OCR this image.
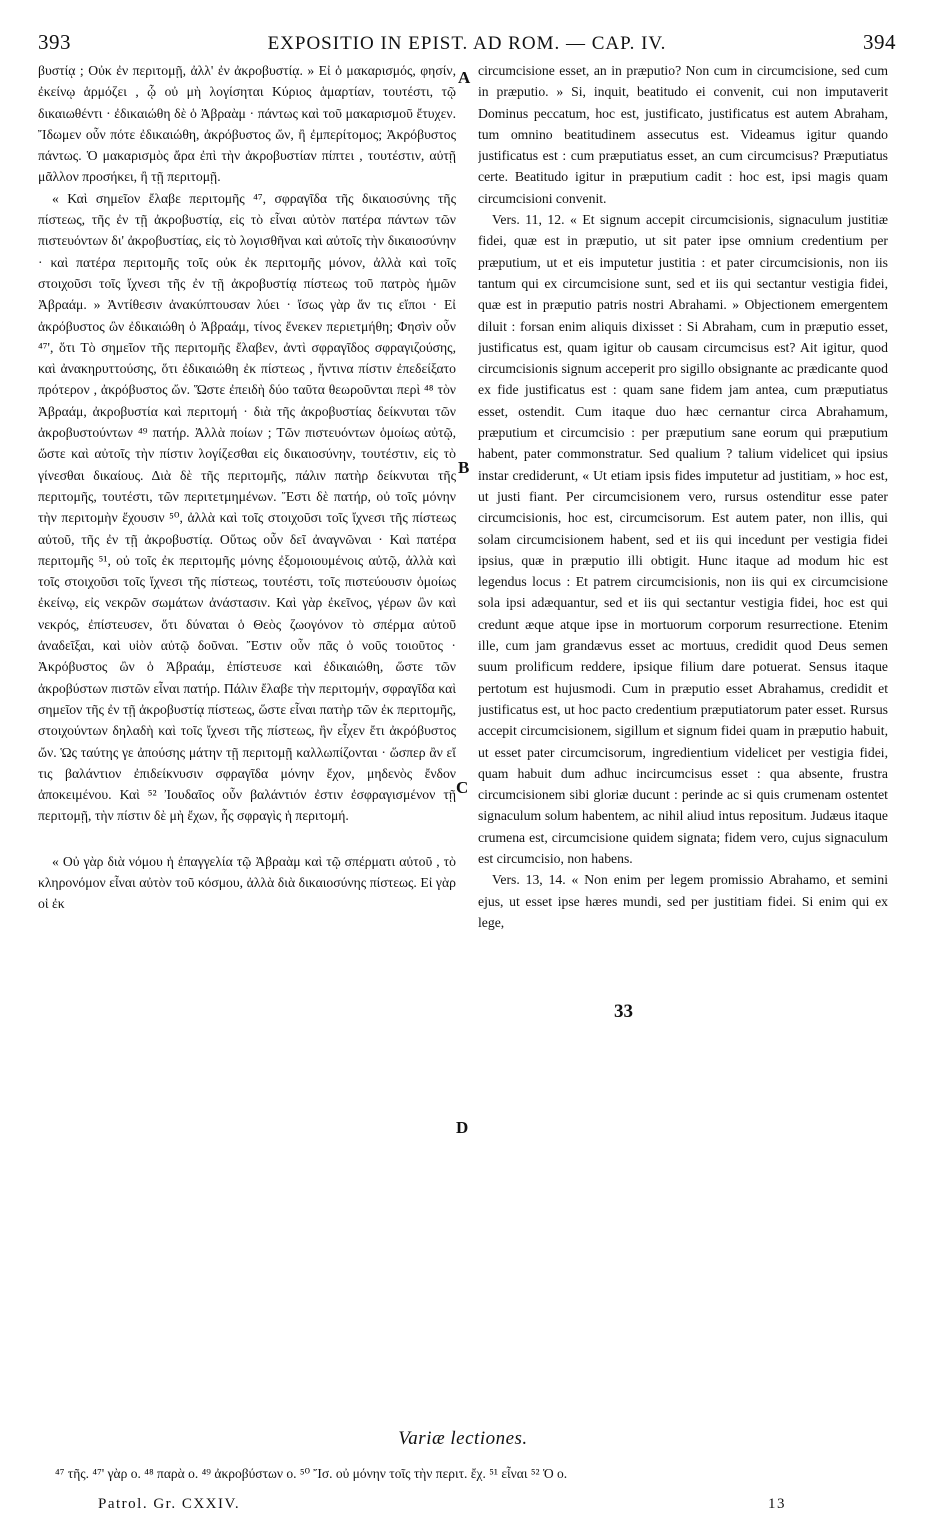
393	EXPOSITIO IN EPIST. AD ROM. — CAP. IV.	394

βυστίᾳ ; Οὐκ ἐν περιτομῇ, ἀλλ' ἐν ἀκροβυστίᾳ. » Εἰ ὁ μακαρισμός, φησίν, ἐκείνῳ ἁρμόζει , ᾧ οὐ μὴ λογίσηται Κύριος ἁμαρτίαν, τουτέστι, τῷ δικαιωθέντι · ἐδικαιώθη δὲ ὁ Ἀβραὰμ · πάντως καὶ τοῦ μακαρισμοῦ ἔτυχεν. Ἴδωμεν οὖν πότε ἐδικαιώθη, ἀκρόβυστος ὤν, ἢ ἐμπερίτομος; Ἀκρόβυστος πάντως. Ὁ μακαρισμὸς ἄρα ἐπὶ τὴν ἀκροβυστίαν πίπτει , τουτέστιν, αὐτῇ μᾶλλον προσήκει, ἢ τῇ περιτομῇ.

« Καὶ σημεῖον ἔλαβε περιτομῆς ⁴⁷, σφραγῖδα τῆς δικαιοσύνης τῆς πίστεως, τῆς ἐν τῇ ἀκροβυστίᾳ, εἰς τὸ εἶναι αὐτὸν πατέρα πάντων τῶν πιστευόντων δι' ἀκροβυστίας, εἰς τὸ λογισθῆναι καὶ αὐτοῖς τὴν δικαιοσύνην · καὶ πατέρα περιτομῆς τοῖς οὐκ ἐκ περιτομῆς μόνον, ἀλλὰ καὶ τοῖς στοιχοῦσι τοῖς ἴχνεσι τῆς ἐν τῇ ἀκροβυστίᾳ πίστεως τοῦ πατρὸς ἡμῶν Ἀβραάμ. » Ἀντίθεσιν ἀνακύπτουσαν λύει · ἴσως γὰρ ἄν τις εἴποι · Εἰ ἀκρόβυστος ὢν ἐδικαιώθη ὁ Ἀβραάμ, τίνος ἕνεκεν περιετμήθη; Φησὶν οὖν ⁴⁷', ὅτι Τὸ σημεῖον τῆς περιτομῆς ἔλαβεν, ἀντὶ σφραγῖδος σφραγιζούσης, καὶ ἀνακηρυττούσης, ὅτι ἐδικαιώθη ἐκ πίστεως , ἥντινα πίστιν ἐπεδείξατο πρότερον , ἀκρόβυστος ὤν. Ὥστε ἐπειδὴ δύο ταῦτα θεωροῦνται περὶ ⁴⁸ τὸν Ἀβραάμ, ἀκροβυστία καὶ περιτομή · διὰ τῆς ἀκροβυστίας δείκνυται τῶν ἀκροβυστούντων ⁴⁹ πατήρ. Ἀλλὰ ποίων ; Τῶν πιστευόντων ὁμοίως αὐτῷ, ὥστε καὶ αὐτοῖς τὴν πίστιν λογίζεσθαι εἰς δικαιοσύνην, τουτέστιν, εἰς τὸ γίνεσθαι δικαίους. Διὰ δὲ τῆς περιτομῆς, πάλιν πατὴρ δείκνυται τῆς περιτομῆς, τουτέστι, τῶν περιτετμημένων. Ἔστι δὲ πατήρ, οὐ τοῖς μόνην τὴν περιτομὴν ἔχουσιν ⁵⁰, ἀλλὰ καὶ τοῖς στοιχοῦσι τοῖς ἴχνεσι τῆς πίστεως αὐτοῦ, τῆς ἐν τῇ ἀκροβυστίᾳ. Οὕτως οὖν δεῖ ἀναγνῶναι · Καὶ πατέρα περιτομῆς ⁵¹, οὐ τοῖς ἐκ περιτομῆς μόνης ἐξομοιουμένοις αὐτῷ, ἀλλὰ καὶ τοῖς στοιχοῦσι τοῖς ἴχνεσι τῆς πίστεως, τουτέστι, τοῖς πιστεύουσιν ὁμοίως ἐκείνῳ, εἰς νεκρῶν σωμάτων ἀνάστασιν. Καὶ γὰρ ἐκεῖνος, γέρων ὢν καὶ νεκρός, ἐπίστευσεν, ὅτι δύναται ὁ Θεὸς ζωογόνον τὸ σπέρμα αὐτοῦ ἀναδεῖξαι, καὶ υἱὸν αὐτῷ δοῦναι. Ἔστιν οὖν πᾶς ὁ νοῦς τοιοῦτος · Ἀκρόβυστος ὢν ὁ Ἀβραάμ, ἐπίστευσε καὶ ἐδικαιώθη, ὥστε τῶν ἀκροβύστων πιστῶν εἶναι πατήρ. Πάλιν ἔλαβε τὴν περιτομήν, σφραγῖδα καὶ σημεῖον τῆς ἐν τῇ ἀκροβυστίᾳ πίστεως, ὥστε εἶναι πατὴρ τῶν ἐκ περιτομῆς, στοιχούντων δηλαδὴ καὶ τοῖς ἴχνεσι τῆς πίστεως, ἣν εἶχεν ἔτι ἀκρόβυστος ὤν. Ὡς ταύτης γε ἀπούσης μάτην τῇ περιτομῇ καλλωπίζονται · ὥσπερ ἂν εἴ τις βαλάντιον ἐπιδείκνυσιν σφραγῖδα μόνην ἔχον, μηδενὸς ἔνδον ἀποκειμένου. Καὶ ⁵² Ἰουδαῖος οὖν βαλάντιόν ἐστιν ἐσφραγισμένον τῇ περιτομῇ, τὴν πίστιν δὲ μὴ ἔχων, ἧς σφραγὶς ἡ περιτομή.

« Οὐ γὰρ διὰ νόμου ἡ ἐπαγγελία τῷ Ἀβραὰμ καὶ τῷ σπέρματι αὐτοῦ , τὸ κληρονόμον εἶναι αὐτὸν τοῦ κόσμου, ἀλλὰ διὰ δικαιοσύνης πίστεως. Εἰ γὰρ οἱ ἐκ

circumcisione esset, an in præputio? Non cum in circumcisione, sed cum in præputio. » Si, inquit, beatitudo ei convenit, cui non imputaverit Dominus peccatum, hoc est, justificato, justificatus est autem Abraham, tum omnino beatitudinem assecutus est. Videamus igitur quando justificatus est : cum præputiatus esset, an cum circumcisus? Præputiatus certe. Beatitudo igitur in præputium cadit : hoc est, ipsi magis quam circumcisioni convenit.

Vers. 11, 12. « Et signum accepit circumcisionis, signaculum justitiæ fidei, quæ est in præputio, ut sit pater ipse omnium credentium per præputium, ut et eis imputetur justitia : et pater circumcisionis, non iis tantum qui ex circumcisione sunt, sed et iis qui sectantur vestigia fidei, quæ est in præputio patris nostri Abrahami. » Objectionem emergentem diluit : forsan enim aliquis dixisset : Si Abraham, cum in præputio esset, justificatus est, quam igitur ob causam circumcisus est? Ait igitur, quod circumcisionis signum acceperit pro sigillo obsignante ac prædicante quod ex fide justificatus est : quam sane fidem jam antea, cum præputiatus esset, ostendit. Cum itaque duo hæc cernantur circa Abrahamum, præputium et circumcisio : per præputium sane eorum qui præputium habent, pater commonstratur. Sed qualium ? talium videlicet qui ipsius instar crediderunt, « Ut etiam ipsis fides imputetur ad justitiam, » hoc est, ut justi fiant. Per circumcisionem vero, rursus ostenditur esse pater circumcisionis, hoc est, circumcisorum. Est autem pater, non illis, qui solam circumcisionem habent, sed et iis qui incedunt per vestigia fidei ipsius, quæ in præputio illi obtigit. Hunc itaque ad modum hic est legendus locus : Et patrem circumcisionis, non iis qui ex circumcisione sola ipsi adæquantur, sed et iis qui sectantur vestigia fidei, hoc est qui credunt æque atque ipse in mortuorum corporum resurrectione. Etenim ille, cum jam grandævus esset ac mortuus, credidit quod Deus semen suum prolificum reddere, ipsique filium dare potuerat. Sensus itaque pertotum est hujusmodi. Cum in præputio esset Abrahamus, credidit et justificatus est, ut hoc pacto credentium præputiatorum pater esset. Rursus accepit circumcisionem, sigillum et signum fidei quam in præputio habuit, ut esset pater circumcisorum, ingredientium videlicet per vestigia fidei, quam habuit dum adhuc incircumcisus esset : qua absente, frustra circumcisionem sibi gloriæ ducunt : perinde ac si quis crumenam ostentet signaculum solum habentem, ac nihil aliud intus repositum. Judæus itaque crumena est, circumcisione quidem signata; fidem vero, cujus signaculum est circumcisio, non habens.

Vers. 13, 14. « Non enim per legem promissio Abrahamo, et semini ejus, ut esset ipse hæres mundi, sed per justitiam fidei. Si enim qui ex lege,

A
B
C
D
33
Variæ lectiones.
⁴⁷ τῆς. ⁴⁷' γὰρ ο. ⁴⁸ παρὰ ο. ⁴⁹ ἀκροβύστων ο. ⁵⁰ Ἴσ. οὐ μόνην τοῖς τὴν περιτ. ἔχ. ⁵¹ εἶναι ⁵² Ὁ ο.
Patrol. Gr. CXXIV.	13
